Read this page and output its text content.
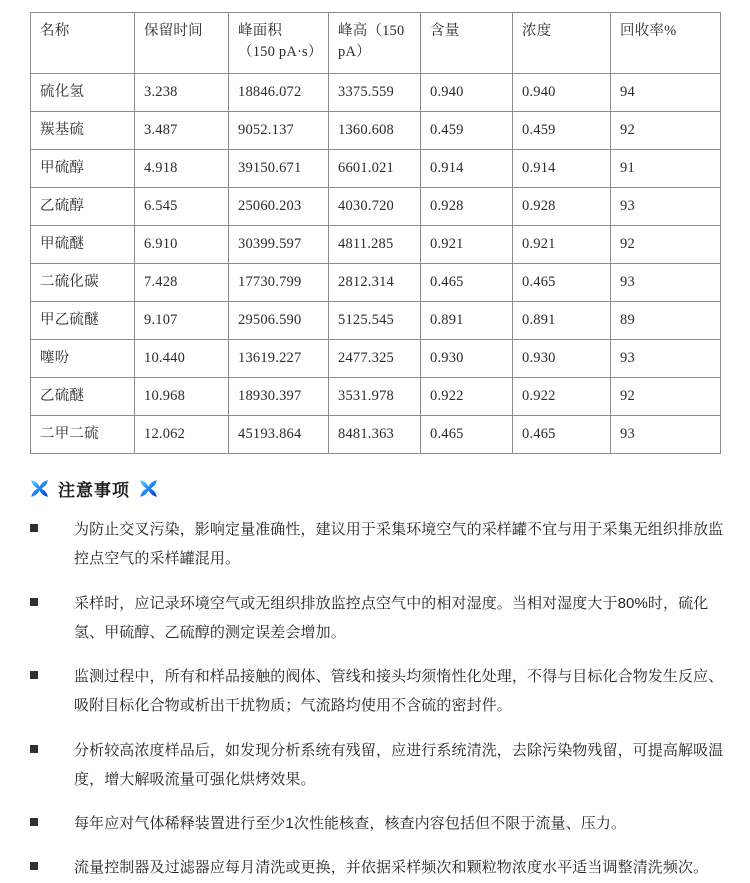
名称	保留时间	峰面积（150 pA·s）	峰高（150 pA）	含量	浓度	回收率%
硫化氢	3.238	18846.072	3375.559	0.940	0.940	94
羰基硫	3.487	9052.137	1360.608	0.459	0.459	92
甲硫醇	4.918	39150.671	6601.021	0.914	0.914	91
乙硫醇	6.545	25060.203	4030.720	0.928	0.928	93
甲硫醚	6.910	30399.597	4811.285	0.921	0.921	92
二硫化碳	7.428	17730.799	2812.314	0.465	0.465	93
甲乙硫醚	9.107	29506.590	5125.545	0.891	0.891	89
噻吩	10.440	13619.227	2477.325	0.930	0.930	93
乙硫醚	10.968	18930.397	3531.978	0.922	0.922	92
二甲二硫	12.062	45193.864	8481.363	0.465	0.465	93
注意事项
为防止交叉污染，影响定量准确性，建议用于采集环境空气的采样罐不宜与用于采集无组织排放监控点空气的采样罐混用。
采样时，应记录环境空气或无组织排放监控点空气中的相对湿度。当相对湿度大于80%时，硫化氢、甲硫醇、乙硫醇的测定误差会增加。
监测过程中，所有和样品接触的阀体、管线和接头均须惰性化处理，不得与目标化合物发生反应、吸附目标化合物或析出干扰物质；气流路均使用不含硫的密封件。
分析较高浓度样品后，如发现分析系统有残留，应进行系统清洗，去除污染物残留，可提高解吸温度，增大解吸流量可强化烘烤效果。
每年应对气体稀释装置进行至少1次性能核查，核查内容包括但不限于流量、压力。
流量控制器及过滤器应每月清洗或更换，并依据采样频次和颗粒物浓度水平适当调整清洗频次。
